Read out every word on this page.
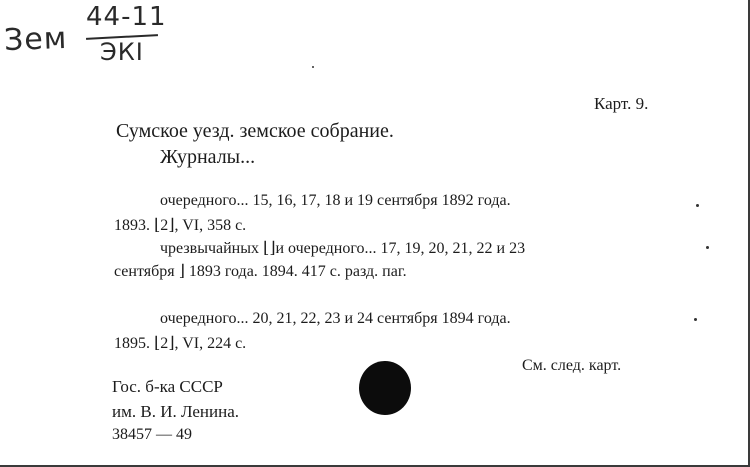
Зем
44-11
ЭКІ
Карт. 9.
Сумское уезд. земское собрание.
Журналы...
очередного... 15, 16, 17, 18 и 19 сентября 1892 года.
1893. ⌊2⌋, VI, 358 с.
чрезвычайных ⌊⌋и очередного... 17, 19, 20, 21, 22 и 23
сентября ⌋ 1893 года. 1894. 417 с. разд. паг.
очередного... 20, 21, 22, 23 и 24 сентября 1894 года.
1895. ⌊2⌋, VI, 224 с.
См. след. карт.
Гос. б-ка СССР
им. В. И. Ленина.
38457 — 49
